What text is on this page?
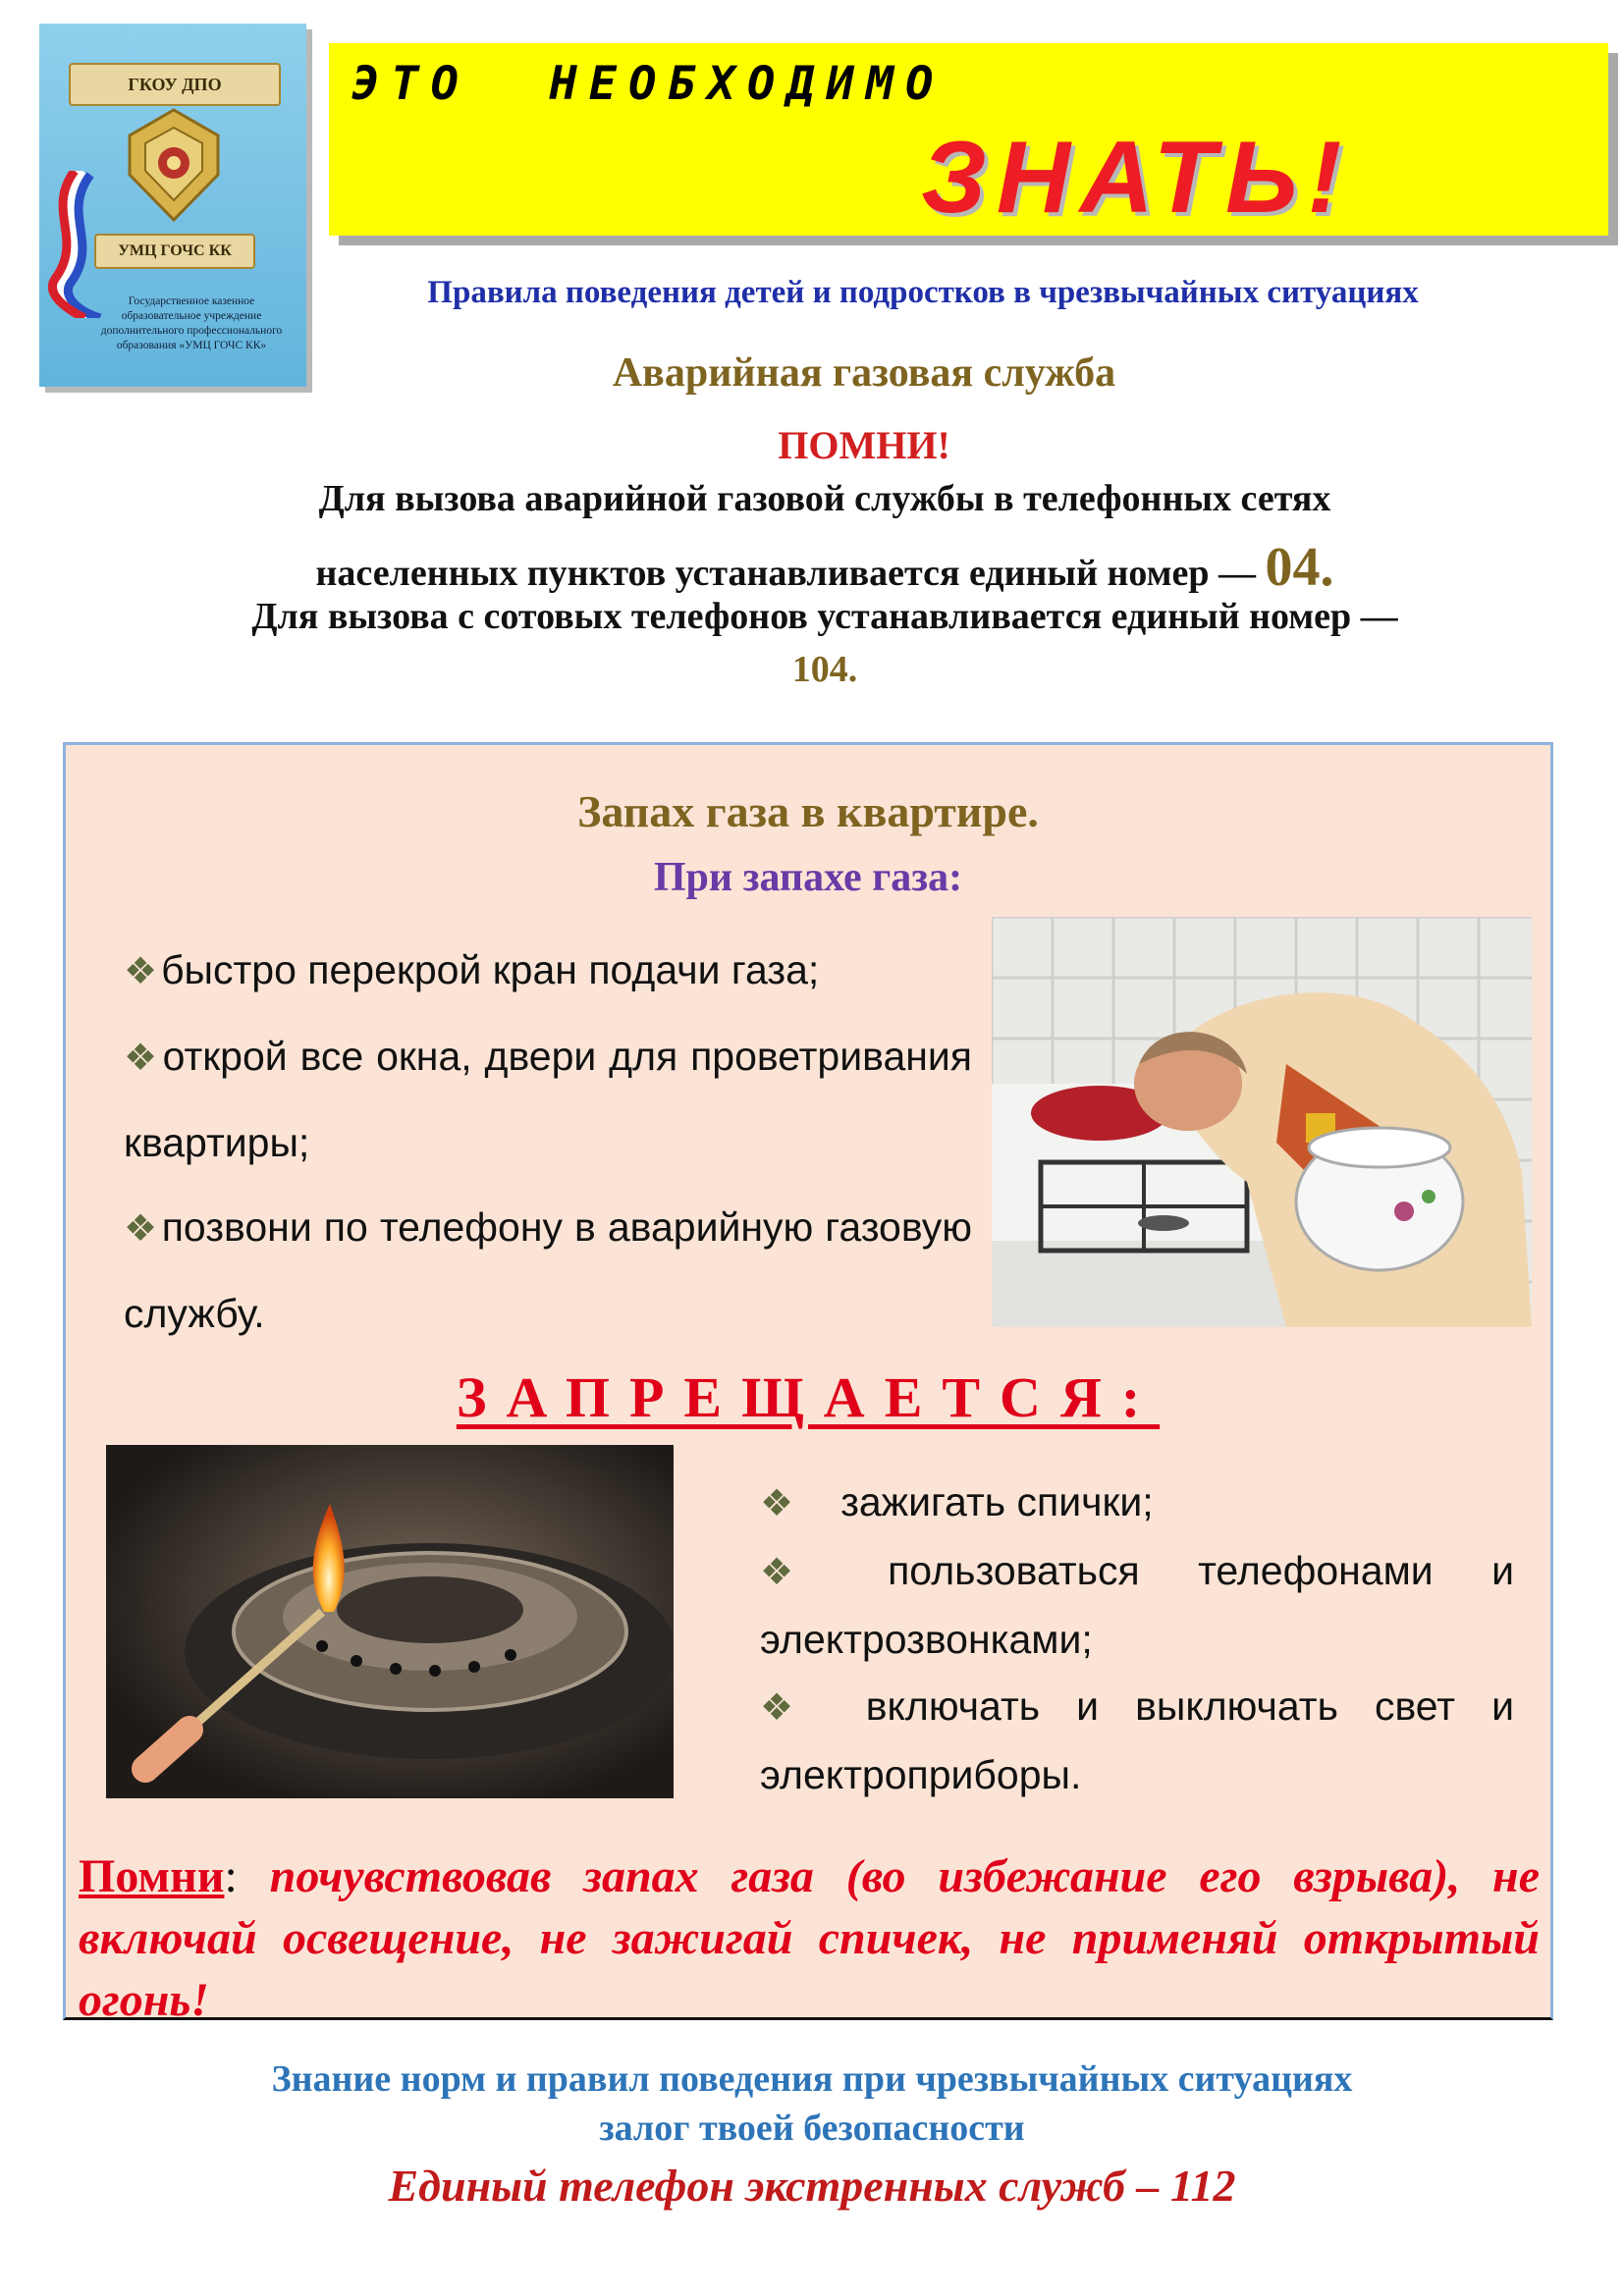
ГКОУ ДПО
УМЦ ГОЧС КК
Государственное казенное образовательное учреждение дополнительного профессионального образования «УМЦ ГОЧС КК»
ЭТО  НЕОБХОДИМО
ЗНАТЬ!
Правила поведения детей и подростков в чрезвычайных ситуациях
Аварийная газовая служба
ПОМНИ!
Для вызова аварийной газовой службы в телефонных сетях
населенных пунктов устанавливается единый номер — 04.
Для вызова с сотовых телефонов устанавливается единый номер —
104.
Запах газа в квартире.
При запахе газа:
❖быстро перекрой кран подачи газа;
❖открой все окна, двери для проветривания квартиры;
❖позвони по телефону в аварийную газовую службу.
ЗАПРЕЩАЕТСЯ:
❖ зажигать спички;
❖ пользоваться телефонами и электрозвонками;
❖ включать и выключать свет и электроприборы.
Помни: почувствовав запах газа (во избежание его взрыва), не включай освещение, не зажигай спичек, не применяй открытый огонь!
Знание норм и правил поведения при чрезвычайных ситуациях
залог твоей безопасности
Единый телефон экстренных служб – 112
